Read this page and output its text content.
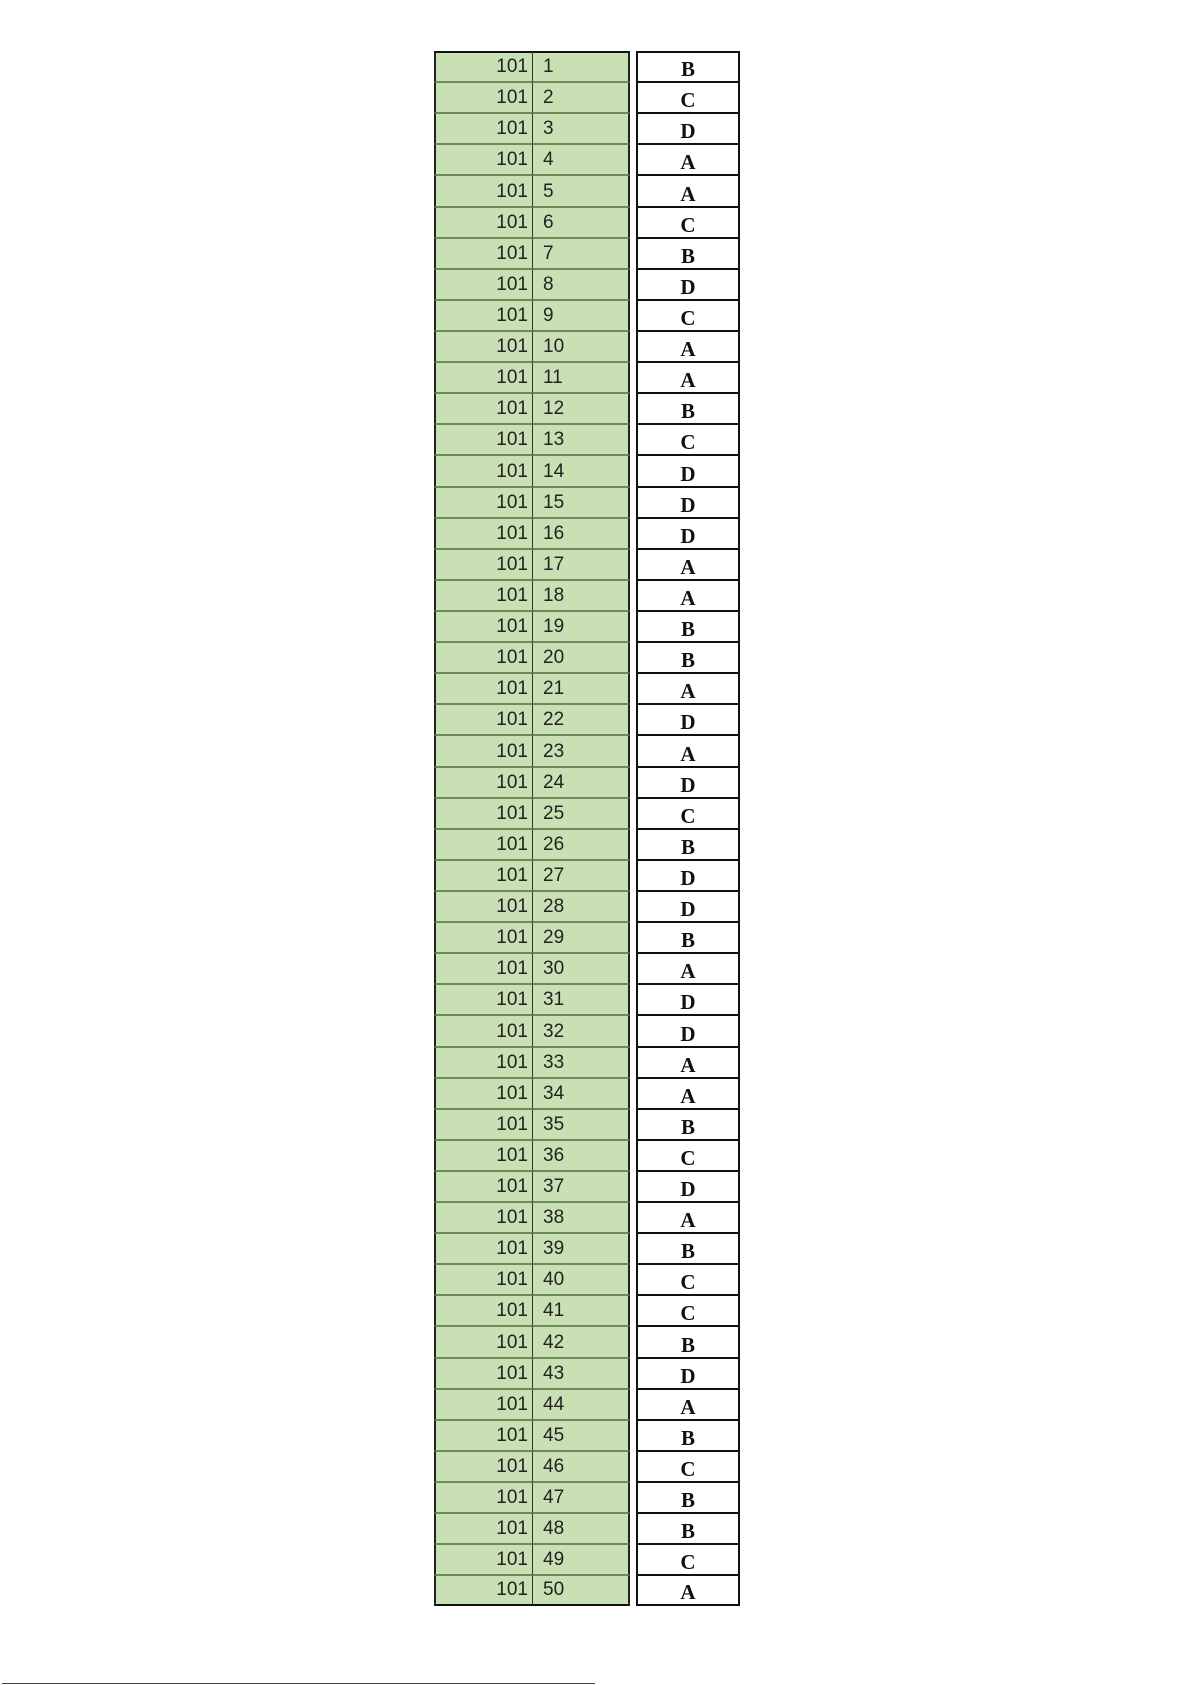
101 1	B
101 2	C
101 3	D
101 4	A
101 5	A
101 6	C
101 7	B
101 8	D
101 9	C
101 10	A
101 11	A
101 12	B
101 13	C
101 14	D
101 15	D
101 16	D
101 17	A
101 18	A
101 19	B
101 20	B
101 21	A
101 22	D
101 23	A
101 24	D
101 25	C
101 26	B
101 27	D
101 28	D
101 29	B
101 30	A
101 31	D
101 32	D
101 33	A
101 34	A
101 35	B
101 36	C
101 37	D
101 38	A
101 39	B
101 40	C
101 41	C
101 42	B
101 43	D
101 44	A
101 45	B
101 46	C
101 47	B
101 48	B
101 49	C
101 50	A
